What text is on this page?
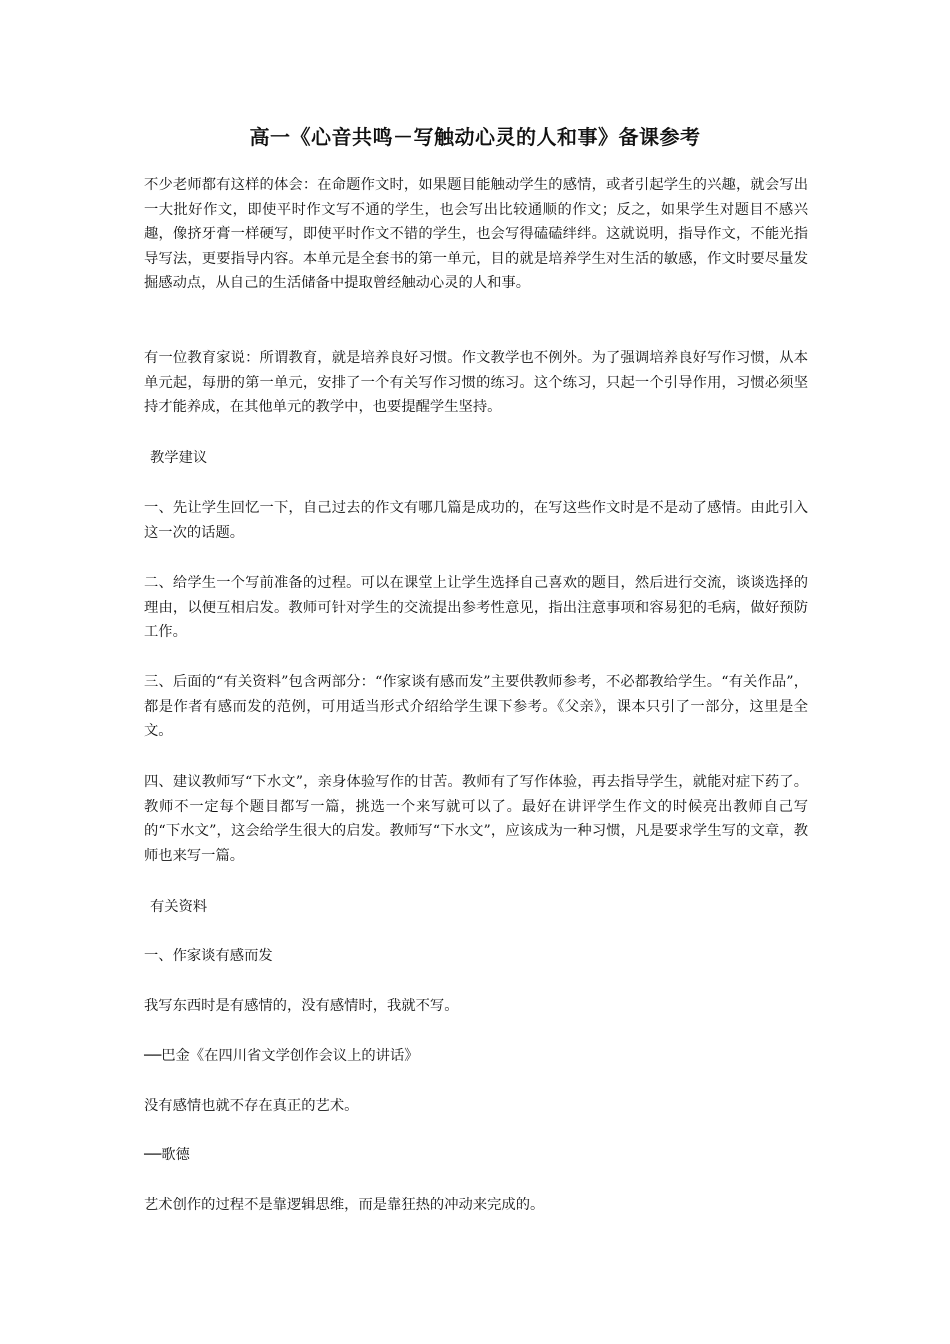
高一《心音共鸣－写触动心灵的人和事》备课参考
不少老师都有这样的体会：在命题作文时，如果题目能触动学生的感情，或者引起学生的兴趣，就会写出一大批好作文，即使平时作文写不通的学生，也会写出比较通顺的作文；反之，如果学生对题目不感兴趣，像挤牙膏一样硬写，即使平时作文不错的学生，也会写得磕磕绊绊。这就说明，指导作文，不能光指导写法，更要指导内容。本单元是全套书的第一单元，目的就是培养学生对生活的敏感，作文时要尽量发掘感动点，从自己的生活储备中提取曾经触动心灵的人和事。
有一位教育家说：所谓教育，就是培养良好习惯。作文教学也不例外。为了强调培养良好写作习惯，从本单元起，每册的第一单元，安排了一个有关写作习惯的练习。这个练习，只起一个引导作用，习惯必须坚持才能养成，在其他单元的教学中，也要提醒学生坚持。
教学建议
一、先让学生回忆一下，自己过去的作文有哪几篇是成功的，在写这些作文时是不是动了感情。由此引入这一次的话题。
二、给学生一个写前准备的过程。可以在课堂上让学生选择自己喜欢的题目，然后进行交流，谈谈选择的理由，以便互相启发。教师可针对学生的交流提出参考性意见，指出注意事项和容易犯的毛病，做好预防工作。
三、后面的“有关资料”包含两部分：“作家谈有感而发”主要供教师参考，不必都教给学生。“有关作品”，都是作者有感而发的范例，可用适当形式介绍给学生课下参考。《父亲》，课本只引了一部分，这里是全文。
四、建议教师写“下水文”，亲身体验写作的甘苦。教师有了写作体验，再去指导学生，就能对症下药了。教师不一定每个题目都写一篇，挑选一个来写就可以了。最好在讲评学生作文的时候亮出教师自己写的“下水文”，这会给学生很大的启发。教师写“下水文”，应该成为一种习惯，凡是要求学生写的文章，教师也来写一篇。
有关资料
一、作家谈有感而发
我写东西时是有感情的，没有感情时，我就不写。
──巴金《在四川省文学创作会议上的讲话》
没有感情也就不存在真正的艺术。
──歌德
艺术创作的过程不是靠逻辑思维，而是靠狂热的冲动来完成的。
